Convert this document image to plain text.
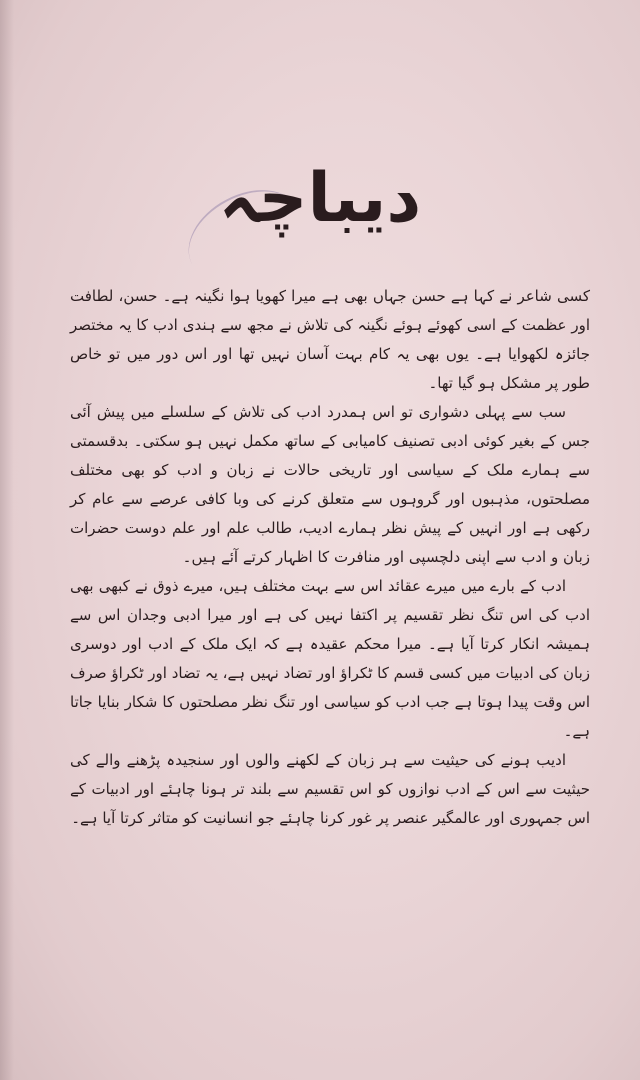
دیباچہ

کسی شاعر نے کہا ہے حسن جہاں بھی ہے میرا کھویا ہوا نگینہ ہے۔ حسن، لطافت اور عظمت کے اسی کھوئے ہوئے نگینہ کی تلاش نے مجھ سے ہندی ادب کا یہ مختصر جائزہ لکھوایا ہے۔ یوں بھی یہ کام بہت آسان نہیں تھا اور اس دور میں تو خاص طور پر مشکل ہو گیا تھا۔

سب سے پہلی دشواری تو اس ہمدرد ادب کی تلاش کے سلسلے میں پیش آئی جس کے بغیر کوئی ادبی تصنیف کامیابی کے ساتھ مکمل نہیں ہو سکتی۔ بدقسمتی سے ہمارے ملک کے سیاسی اور تاریخی حالات نے زبان و ادب کو بھی مختلف مصلحتوں، مذہبوں اور گروہوں سے متعلق کرنے کی وبا کافی عرصے سے عام کر رکھی ہے اور انہیں کے پیش نظر ہمارے ادیب، طالب علم اور علم دوست حضرات زبان و ادب سے اپنی دلچسپی اور منافرت کا اظہار کرتے آئے ہیں۔

ادب کے بارے میں میرے عقائد اس سے بہت مختلف ہیں، میرے ذوق نے کبھی بھی ادب کی اس تنگ نظر تقسیم پر اکتفا نہیں کی ہے اور میرا ادبی وجدان اس سے ہمیشہ انکار کرتا آیا ہے۔ میرا محکم عقیدہ ہے کہ ایک ملک کے ادب اور دوسری زبان کی ادبیات میں کسی قسم کا ٹکراؤ اور تضاد نہیں ہے، یہ تضاد اور ٹکراؤ صرف اس وقت پیدا ہوتا ہے جب ادب کو سیاسی اور تنگ نظر مصلحتوں کا شکار بنایا جاتا ہے۔

ادیب ہونے کی حیثیت سے ہر زبان کے لکھنے والوں اور سنجیدہ پڑھنے والے کی حیثیت سے اس کے ادب نوازوں کو اس تقسیم سے بلند تر ہونا چاہئے اور ادبیات کے اس جمہوری اور عالمگیر عنصر پر غور کرنا چاہئے جو انسانیت کو متاثر کرتا آیا ہے۔
